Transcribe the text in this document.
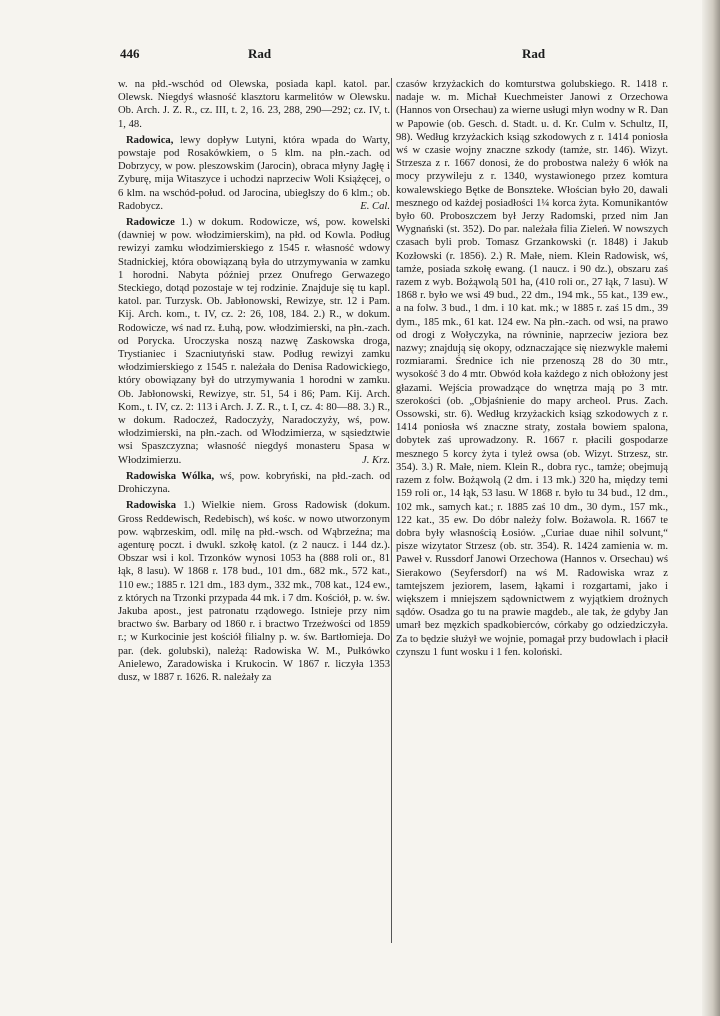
446	Rad	Rad

w. na płd.-wschód od Olewska, posiada kapl. katol. par. Olewsk. Niegdyś własność klasztoru karmelitów w Olewsku. Ob. Arch. J. Z. R., cz. III, t. 2, 16. 23, 288, 290—292; cz. IV, t. 1, 48.

Radowica, lewy dopływ Lutyni, która wpada do Warty, powstaje pod Rosakówkiem, o 5 klm. na płn.-zach. od Dobrzycy, w pow. pleszowskim (Jarocin), obraca młyny Jagłę i Zyburę, mija Witaszyce i uchodzi naprzeciw Woli Książęcej, o 6 klm. na wschód-połud. od Jarocina, ubiegłszy do 6 klm.; ob. Radobycz.	E. Cal.

Radowicze 1.) w dokum. Rodowicze, wś, pow. kowelski (dawniej w pow. włodzimierskim), na płd. od Kowla. Podług rewizyi zamku włodzimierskiego z 1545 r. własność wdowy Stadnickiej, która obowiązaną była do utrzymywania w zamku 1 horodni. Nabyta później przez Onufrego Gerwazego Steckiego, dotąd pozostaje w tej rodzinie. Znajduje się tu kapl. katol. par. Turzysk. Ob. Jabłonowski, Rewizye, str. 12 i Pam. Kij. Arch. kom., t. IV, cz. 2: 26, 108, 184. 2.) R., w dokum. Rodowicze, wś nad rz. Łuhą, pow. włodzimierski, na płn.-zach. od Porycka. Uroczyska noszą nazwę Zaskowska droga, Trystianiec i Szacniutyński staw. Podług rewizyi zamku włodzimierskiego z 1545 r. należała do Denisa Radowickiego, który obowiązany był do utrzymywania 1 horodni w zamku. Ob. Jabłonowski, Rewizye, str. 51, 54 i 86; Pam. Kij. Arch. Kom., t. IV, cz. 2: 113 i Arch. J. Z. R., t. I, cz. 4: 80—88. 3.) R., w dokum. Radoczeź, Radoczyży, Naradoczyży, wś, pow. włodzimierski, na płn.-zach. od Włodzimierza, w sąsiedztwie wsi Spaszczyzna; własność niegdyś monasteru Spasa w Włodzimierzu.	J. Krz.

Radowiska Wólka, wś, pow. kobryński, na płd.-zach. od Drohiczyna.

Radowiska 1.) Wielkie niem. Gross Radowisk (dokum. Gross Reddewisch, Redebisch), wś kośc. w nowo utworzonym pow. wąbrzeskim, odl. milę na płd.-wsch. od Wąbrzeźna; ma agenturę poczt. i dwukl. szkołę katol. (z 2 naucz. i 144 dz.). Obszar wsi i kol. Trzonków wynosi 1053 ha (888 roli or., 81 łąk, 8 lasu). W 1868 r. 178 bud., 101 dm., 682 mk., 572 kat., 110 ew.; 1885 r. 121 dm., 183 dym., 332 mk., 708 kat., 124 ew., z których na Trzonki przypada 44 mk. i 7 dm. Kościół, p. w. św. Jakuba apost., jest patronatu rządowego. Istnieje przy nim bractwo św. Barbary od 1860 r. i bractwo Trzeźwości od 1859 r.; w Kurkocinie jest kościół filialny p. w. św. Bartłomieja. Do par. (dek. golubski), należą: Radowiska W. M., Pułkówko Anielewo, Zaradowiska i Krukocin. W 1867 r. liczyła 1353 dusz, w 1887 r. 1626. R. należały za

czasów krzyżackich do komturstwa golubskiego. R. 1418 r. nadaje w. m. Michał Kuechmeister Janowi z Orzechowa (Hannos von Orsechau) za wierne usługi młyn wodny w R. Dan w Papowie (ob. Gesch. d. Stadt. u. d. Kr. Culm v. Schultz, II, 98). Według krzyżackich ksiąg szkodowych z r. 1414 poniosła wś w czasie wojny znaczne szkody (tamże, str. 146). Wizyt. Strzesza z r. 1667 donosi, że do probostwa należy 6 włók na mocy przywileju z r. 1340, wystawionego przez komtura kowalewskiego Bętke de Bonszteke. Włościan było 20, dawali mesznego od każdej posiadłości 1¼ korca żyta. Komunikantów było 60. Proboszczem był Jerzy Radomski, przed nim Jan Wygnański (st. 352). Do par. należała filia Zieleń. W nowszych czasach byli prob. Tomasz Grzankowski (r. 1848) i Jakub Kozłowski (r. 1856). 2.) R. Małe, niem. Klein Radowisk, wś, tamże, posiada szkołę ewang. (1 naucz. i 90 dz.), obszaru zaś razem z wyb. Bożąwolą 501 ha, (410 roli or., 27 łąk, 7 lasu). W 1868 r. było we wsi 49 bud., 22 dm., 194 mk., 55 kat., 139 ew., a na folw. 3 bud., 1 dm. i 10 kat. mk.; w 1885 r. zaś 15 dm., 39 dym., 185 mk., 61 kat. 124 ew. Na płn.-zach. od wsi, na prawo od drogi z Wołyczyka, na równinie, naprzeciw jeziora bez nazwy; znajdują się okopy, odznaczające się niezwykle małemi rozmiarami. Średnice ich nie przenoszą 28 do 30 mtr., wysokość 3 do 4 mtr. Obwód koła każdego z nich obłożony jest głazami. Wejścia prowadzące do wnętrza mają po 3 mtr. szerokości (ob. „Objaśnienie do mapy archeol. Prus. Zach. Ossowski, str. 6). Według krzyżackich ksiąg szkodowych z r. 1414 poniosła wś znaczne straty, została bowiem spalona, dobytek zaś uprowadzony. R. 1667 r. płacili gospodarze mesznego 5 korcy żyta i tyleż owsa (ob. Wizyt. Strzesz, str. 354). 3.) R. Małe, niem. Klein R., dobra ryc., tamże; obejmują razem z folw. Bożąwolą (2 dm. i 13 mk.) 320 ha, między temi 159 roli or., 14 łąk, 53 lasu. W 1868 r. było tu 34 bud., 12 dm., 102 mk., samych kat.; r. 1885 zaś 10 dm., 30 dym., 157 mk., 122 kat., 35 ew. Do dóbr należy folw. Bożawola. R. 1667 te dobra były własnością Łosiów. „Curiae duae nihil solvunt,“ pisze wizytator Strzesz (ob. str. 354). R. 1424 zamienia w. m. Paweł v. Russdorf Janowi Orzechowa (Hannos v. Orsechau) wś Sierakowo (Seyfersdorf) na wś M. Radowiska wraz z tamtejszem jeziorem, lasem, łąkami i rozgartami, jako i większem i mniejszem sądownictwem z wyjątkiem drożnych sądów. Osadza go tu na prawie magdeb., ale tak, że gdyby Jan umarł bez męzkich spadkobierców, córkaby go odziedziczyła. Za to będzie służył we wojnie, pomagał przy budowlach i płacił czynszu 1 funt wosku i 1 fen. koloński.
